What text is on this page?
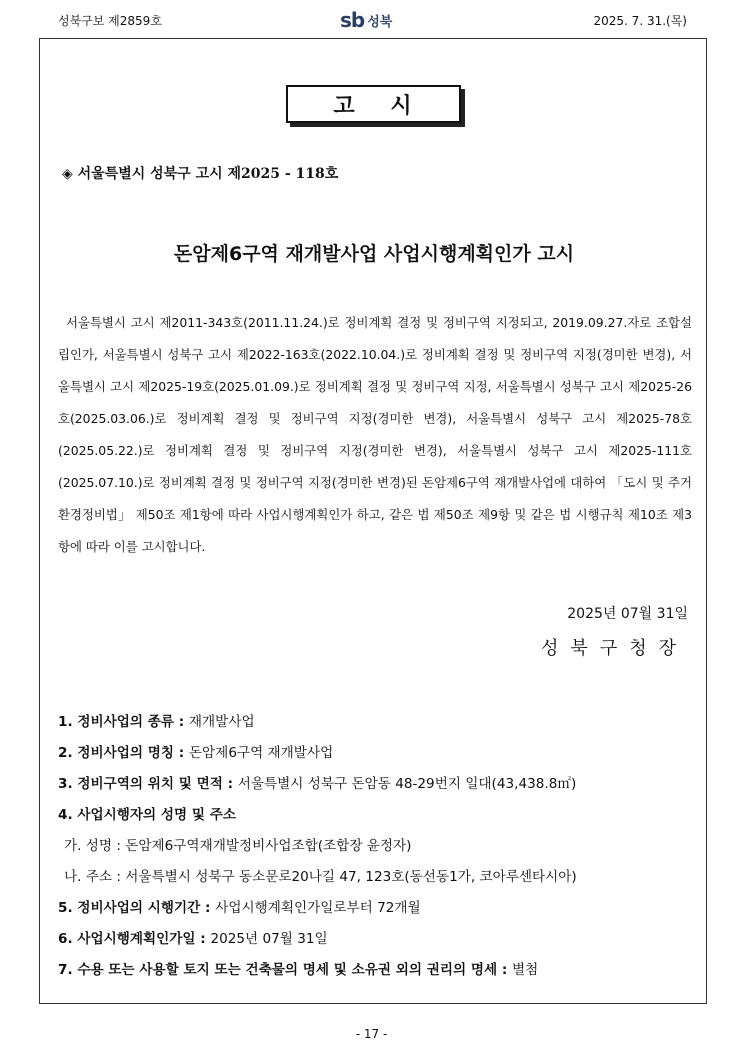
성북구보 제2859호	sb 성북	2025. 7. 31.(목)
고 시
◈ 서울특별시 성북구 고시 제2025 - 118호
돈암제6구역 재개발사업 사업시행계획인가 고시
서울특별시 고시 제2011-343호(2011.11.24.)로 정비계획 결정 및 정비구역 지정되고, 2019.09.27.자로 조합설립인가, 서울특별시 성북구 고시 제2022-163호(2022.10.04.)로 정비계획 결정 및 정비구역 지정(경미한 변경), 서울특별시 고시 제2025-19호(2025.01.09.)로 정비계획 결정 및 정비구역 지정, 서울특별시 성북구 고시 제2025-26호(2025.03.06.)로 정비계획 결정 및 정비구역 지정(경미한 변경), 서울특별시 성북구 고시 제2025-78호(2025.05.22.)로 정비계획 결정 및 정비구역 지정(경미한 변경), 서울특별시 성북구 고시 제2025-111호(2025.07.10.)로 정비계획 결정 및 정비구역 지정(경미한 변경)된 돈암제6구역 재개발사업에 대하여 「도시 및 주거환경정비법」 제50조 제1항에 따라 사업시행계획인가 하고, 같은 법 제50조 제9항 및 같은 법 시행규칙 제10조 제3항에 따라 이를 고시합니다.
2025년 07월 31일
성북구청장
1. 정비사업의 종류 : 재개발사업
2. 정비사업의 명칭 : 돈암제6구역 재개발사업
3. 정비구역의 위치 및 면적 : 서울특별시 성북구 돈암동 48-29번지 일대(43,438.8㎡)
4. 사업시행자의 성명 및 주소
가. 성명 : 돈암제6구역재개발정비사업조합(조합장 윤정자)
나. 주소 : 서울특별시 성북구 동소문로20나길 47, 123호(동선동1가, 코아루센타시아)
5. 정비사업의 시행기간 : 사업시행계획인가일로부터 72개월
6. 사업시행계획인가일 : 2025년 07월 31일
7. 수용 또는 사용할 토지 또는 건축물의 명세 및 소유권 외의 권리의 명세 : 별첨
- 17 -
